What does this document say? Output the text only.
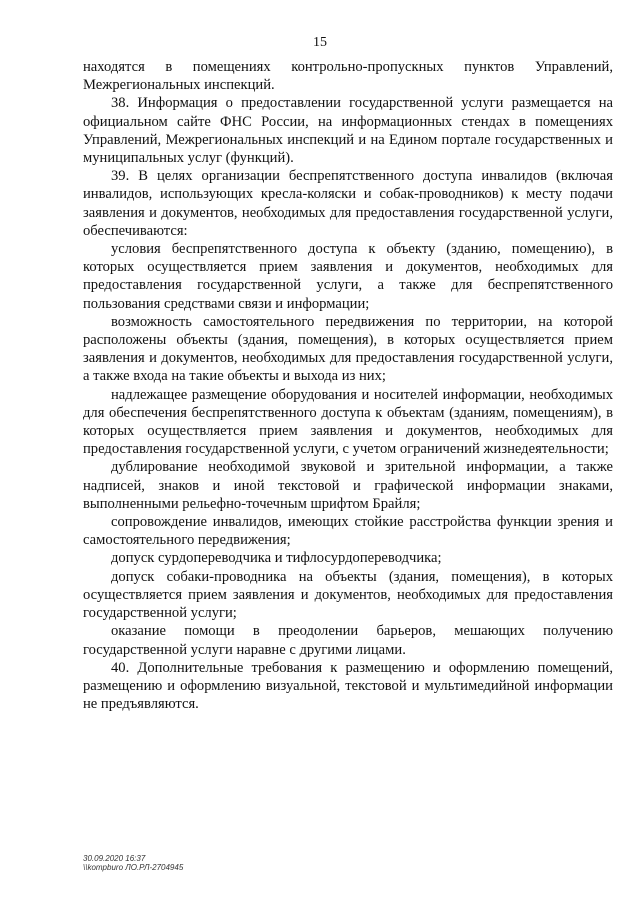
15

находятся в помещениях контрольно-пропускных пунктов Управлений, Межрегиональных инспекций.

38. Информация о предоставлении государственной услуги размещается на официальном сайте ФНС России, на информационных стендах в помещениях Управлений, Межрегиональных инспекций и на Едином портале государственных и муниципальных услуг (функций).

39. В целях организации беспрепятственного доступа инвалидов (включая инвалидов, использующих кресла-коляски и собак-проводников) к месту подачи заявления и документов, необходимых для предоставления государственной услуги, обеспечиваются:

условия беспрепятственного доступа к объекту (зданию, помещению), в которых осуществляется прием заявления и документов, необходимых для предоставления государственной услуги, а также для беспрепятственного пользования средствами связи и информации;

возможность самостоятельного передвижения по территории, на которой расположены объекты (здания, помещения), в которых осуществляется прием заявления и документов, необходимых для предоставления государственной услуги, а также входа на такие объекты и выхода из них;

надлежащее размещение оборудования и носителей информации, необходимых для обеспечения беспрепятственного доступа к объектам (зданиям, помещениям), в которых осуществляется прием заявления и документов, необходимых для предоставления государственной услуги, с учетом ограничений жизнедеятельности;

дублирование необходимой звуковой и зрительной информации, а также надписей, знаков и иной текстовой и графической информации знаками, выполненными рельефно-точечным шрифтом Брайля;

сопровождение инвалидов, имеющих стойкие расстройства функции зрения и самостоятельного передвижения;

допуск сурдопереводчика и тифлосурдопереводчика;

допуск собаки-проводника на объекты (здания, помещения), в которых осуществляется прием заявления и документов, необходимых для предоставления государственной услуги;

оказание помощи в преодолении барьеров, мешающих получению государственной услуги наравне с другими лицами.

40. Дополнительные требования к размещению и оформлению помещений, размещению и оформлению визуальной, текстовой и мультимедийной информации не предъявляются.

30.09.2020 16:37
\\kompburo ЛО.РЛ-2704945
